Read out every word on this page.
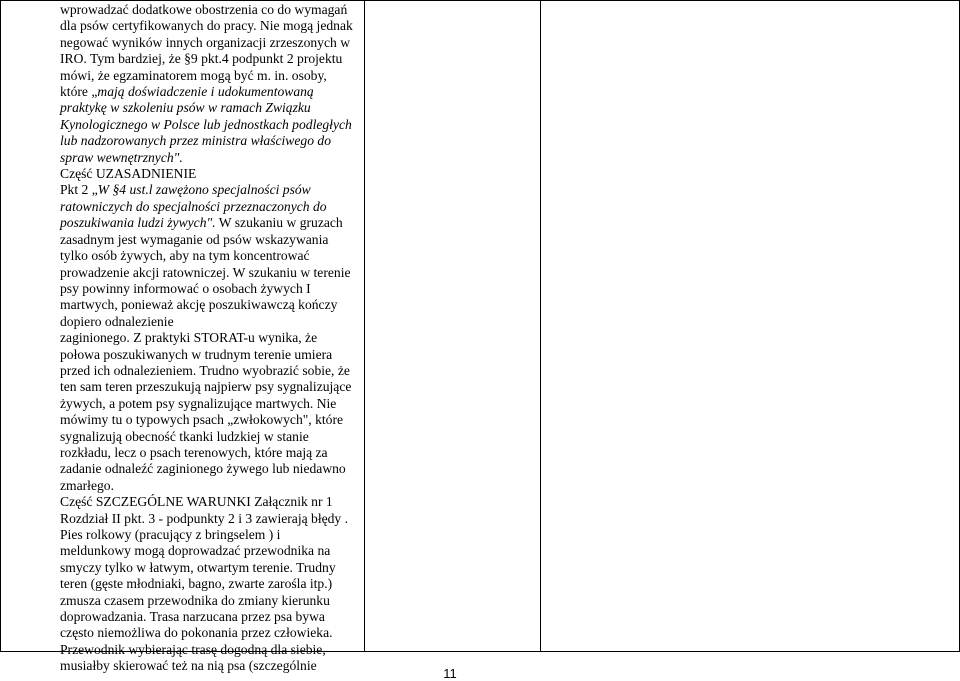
wprowadzać dodatkowe obostrzenia co do wymagań
dla psów certyfikowanych do pracy. Nie mogą jednak
negować wyników innych organizacji zrzeszonych w
IRO. Tym bardziej, że §9 pkt.4 podpunkt 2 projektu
mówi, że egzaminatorem mogą być m. in. osoby,
które „mają doświadczenie i udokumentowaną
praktykę w szkoleniu psów w ramach Związku
Kynologicznego w Polsce lub jednostkach podległych
lub nadzorowanych przez ministra właściwego do
spraw wewnętrznych".
Część UZASADNIENIE
Pkt 2 „W §4 ust.l zawężono specjalności psów
ratowniczych do specjalności przeznaczonych do
poszukiwania ludzi żywych". W szukaniu w gruzach
zasadnym jest wymaganie od psów wskazywania
tylko osób żywych, aby na tym koncentrować
prowadzenie akcji ratowniczej. W szukaniu w terenie
psy powinny informować o osobach żywych I
martwych, ponieważ akcję poszukiwawczą kończy
dopiero odnalezienie
zaginionego. Z praktyki STORAT-u wynika, że
połowa poszukiwanych w trudnym terenie umiera
przed ich odnalezieniem. Trudno wyobrazić sobie, że
ten sam teren przeszukują najpierw psy sygnalizujące
żywych, a potem psy sygnalizujące martwych. Nie
mówimy tu o typowych psach „zwłokowych", które
sygnalizują obecność tkanki ludzkiej w stanie
rozkładu, lecz o psach terenowych, które mają za
zadanie odnaleźć zaginionego żywego lub niedawno
zmarłego.
Część SZCZEGÓLNE WARUNKI Załącznik nr 1
Rozdział II pkt. 3 - podpunkty 2 i 3 zawierają błędy .
Pies rolkowy (pracujący z bringselem ) i
meldunkowy mogą doprowadzać przewodnika na
smyczy tylko w łatwym, otwartym terenie. Trudny
teren (gęste młodniaki, bagno, zwarte zarośla itp.)
zmusza czasem przewodnika do zmiany kierunku
doprowadzania. Trasa narzucana przez psa bywa
często niemożliwa do pokonania przez człowieka.
Przewodnik wybierając trasę dogodną dla siebie,
musiałby skierować też na nią psa (szczególnie
11
